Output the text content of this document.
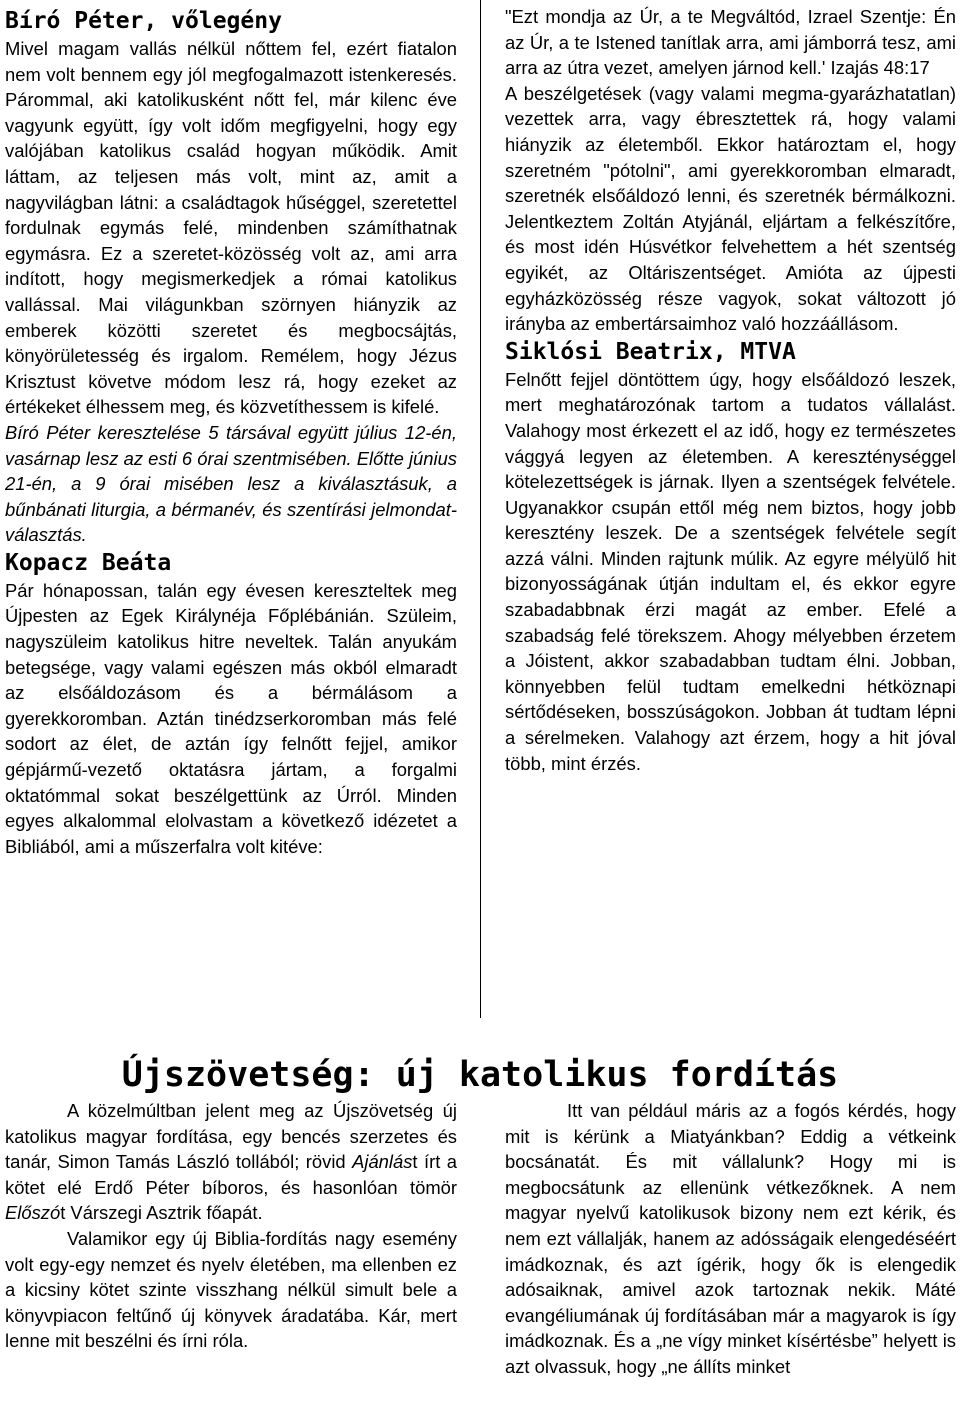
Bíró Péter, vőlegény

Mivel magam vallás nélkül nőttem fel, ezért fiatalon nem volt bennem egy jól megfogalmazott istenkeresés. Párommal, aki katolikusként nőtt fel, már kilenc éve vagyunk együtt, így volt időm megfigyelni, hogy egy valójában katolikus család hogyan működik. Amit láttam, az teljesen más volt, mint az, amit a nagyvilágban látni: a családtagok hűséggel, szeretettel fordulnak egymás felé, mindenben számíthatnak egymásra. Ez a szeretet-közösség volt az, ami arra indított, hogy megismerkedjek a római katolikus vallással. Mai világunkban szörnyen hiányzik az emberek közötti szeretet és megbocsájtás, könyörületesség és irgalom. Remélem, hogy Jézus Krisztust követve módom lesz rá, hogy ezeket az értékeket élhessem meg, és közvetíthessem is kifelé.

Bíró Péter keresztelése 5 társával együtt július 12-én, vasárnap lesz az esti 6 órai szentmisében. Előtte június 21-én, a 9 órai misében lesz a kiválasztásuk, a bűnbánati liturgia, a bérmanév, és szentírási jelmondat-választás.

Kopacz Beáta

Pár hónapossan, talán egy évesen kereszteltek meg Újpesten az Egek Királynéja Főplébánián. Szüleim, nagyszüleim katolikus hitre neveltek. Talán anyukám betegsége, vagy valami egészen más okból elmaradt az elsőáldozásom és a bérmálásom a gyerekkoromban. Aztán tinédzserkoromban más felé sodort az élet, de aztán így felnőtt fejjel, amikor gépjármű-vezető oktatásra jártam, a forgalmi oktatómmal sokat beszélgettünk az Úrról. Minden egyes alkalommal elolvastam a következő idézetet a Bibliából, ami a műszerfalra volt kitéve:

"Ezt mondja az Úr, a te Megváltód, Izrael Szentje: Én az Úr, a te Istened tanítlak arra, ami jámborrá tesz, ami arra az útra vezet, amelyen járnod kell.' Izajás 48:17

A beszélgetések (vagy valami megma-gyarázhatatlan) vezettek arra, vagy ébresztettek rá, hogy valami hiányzik az életemből. Ekkor határoztam el, hogy szeretném "pótolni", ami gyerekkoromban elmaradt, szeretnék elsőáldozó lenni, és szeretnék bérmálkozni. Jelentkeztem Zoltán Atyjánál, eljártam a felkészítőre, és most idén Húsvétkor felvehettem a hét szentség egyikét, az Oltáriszentséget. Amióta az újpesti egyházközösség része vagyok, sokat változott jó irányba az embertársaimhoz való hozzáállásom.

Siklósi Beatrix, MTVA

Felnőtt fejjel döntöttem úgy, hogy elsőáldozó leszek, mert meghatározónak tartom a tudatos vállalást. Valahogy most érkezett el az idő, hogy ez természetes vággyá legyen az életemben. A kereszténységgel kötelezettségek is járnak. Ilyen a szentségek felvétele. Ugyanakkor csupán ettől még nem biztos, hogy jobb keresztény leszek. De a szentségek felvétele segít azzá válni. Minden rajtunk múlik. Az egyre mélyülő hit bizonyosságának útján indultam el, és ekkor egyre szabadabbnak érzi magát az ember. Efelé a szabadság felé törekszem. Ahogy mélyebben érzetem a Jóistent, akkor szabadabban tudtam élni. Jobban, könnyebben felül tudtam emelkedni hétköznapi sértődéseken, bosszúságokon. Jobban át tudtam lépni a sérelmeken. Valahogy azt érzem, hogy a hit jóval több, mint érzés.

Újszövetség: új katolikus fordítás

A közelmúltban jelent meg az Újszövetség új katolikus magyar fordítása, egy bencés szerzetes és tanár, Simon Tamás László tollából; rövid Ajánlást írt a kötet elé Erdő Péter bíboros, és hasonlóan tömör Előszót Várszegi Asztrik főapát.

Valamikor egy új Biblia-fordítás nagy esemény volt egy-egy nemzet és nyelv életében, ma ellenben ez a kicsiny kötet szinte visszhang nélkül simult bele a könyvpiacon feltűnő új könyvek áradatába. Kár, mert lenne mit beszélni és írni róla.

Itt van például máris az a fogós kérdés, hogy mit is kérünk a Miatyánkban? Eddig a vétkeink bocsánatát. És mit vállalunk? Hogy mi is megbocsátunk az ellenünk vétkezőknek. A nem magyar nyelvű katolikusok bizony nem ezt kérik, és nem ezt vállalják, hanem az adósságaik elengedéséért imádkoznak, és azt ígérik, hogy ők is elengedik adósaiknak, amivel azok tartoznak nekik. Máté evangéliumának új fordításában már a magyarok is így imádkoznak. És a „ne vígy minket kísértésbe” helyett is azt olvassuk, hogy „ne állíts minket
